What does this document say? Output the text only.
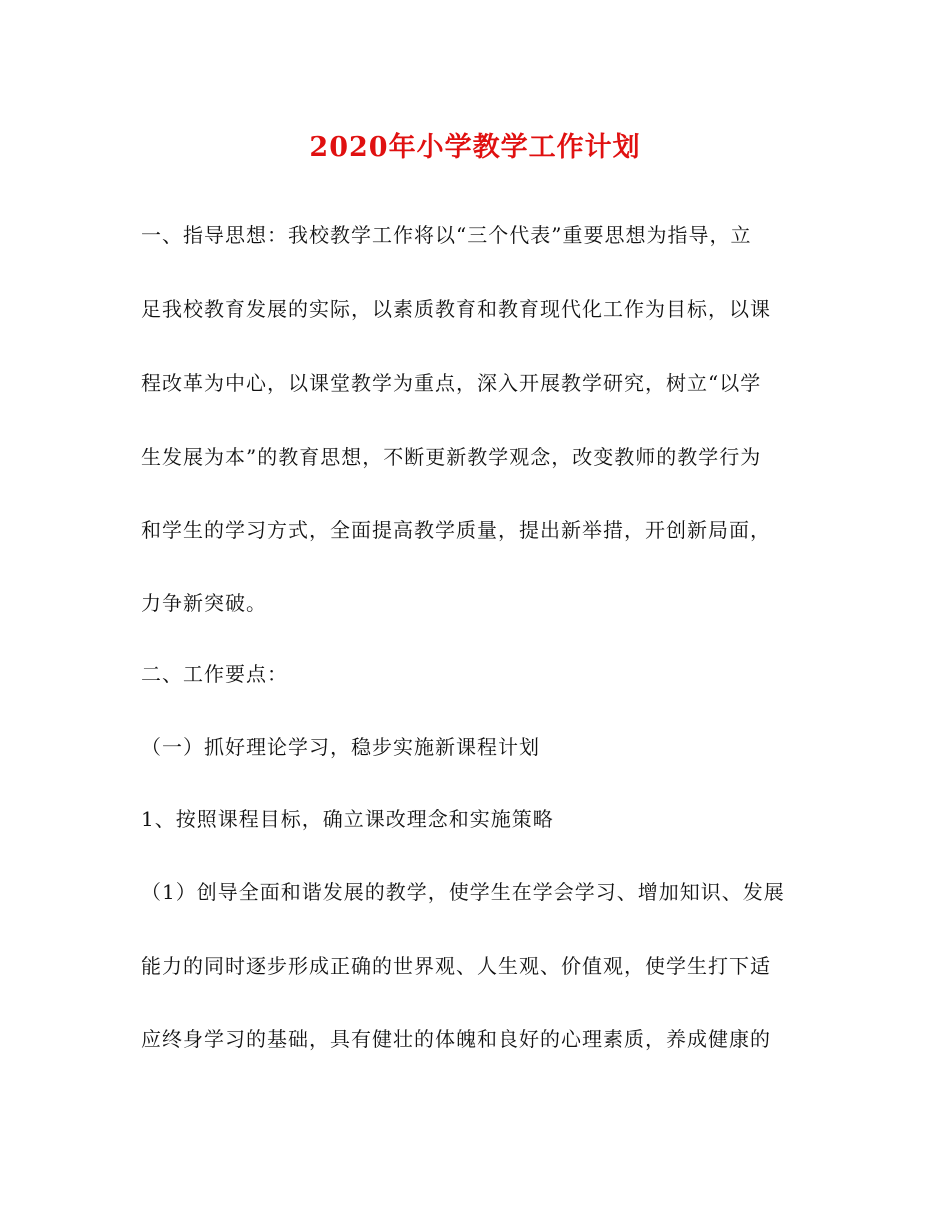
2020年小学教学工作计划
一、指导思想：我校教学工作将以“三个代表”重要思想为指导，立
足我校教育发展的实际，以素质教育和教育现代化工作为目标，以课
程改革为中心，以课堂教学为重点，深入开展教学研究，树立“以学
生发展为本”的教育思想，不断更新教学观念，改变教师的教学行为
和学生的学习方式，全面提高教学质量，提出新举措，开创新局面，
力争新突破。
二、工作要点：
（一）抓好理论学习，稳步实施新课程计划
1、按照课程目标，确立课改理念和实施策略
（1）创导全面和谐发展的教学，使学生在学会学习、增加知识、发展
能力的同时逐步形成正确的世界观、人生观、价值观，使学生打下适
应终身学习的基础，具有健壮的体魄和良好的心理素质，养成健康的
